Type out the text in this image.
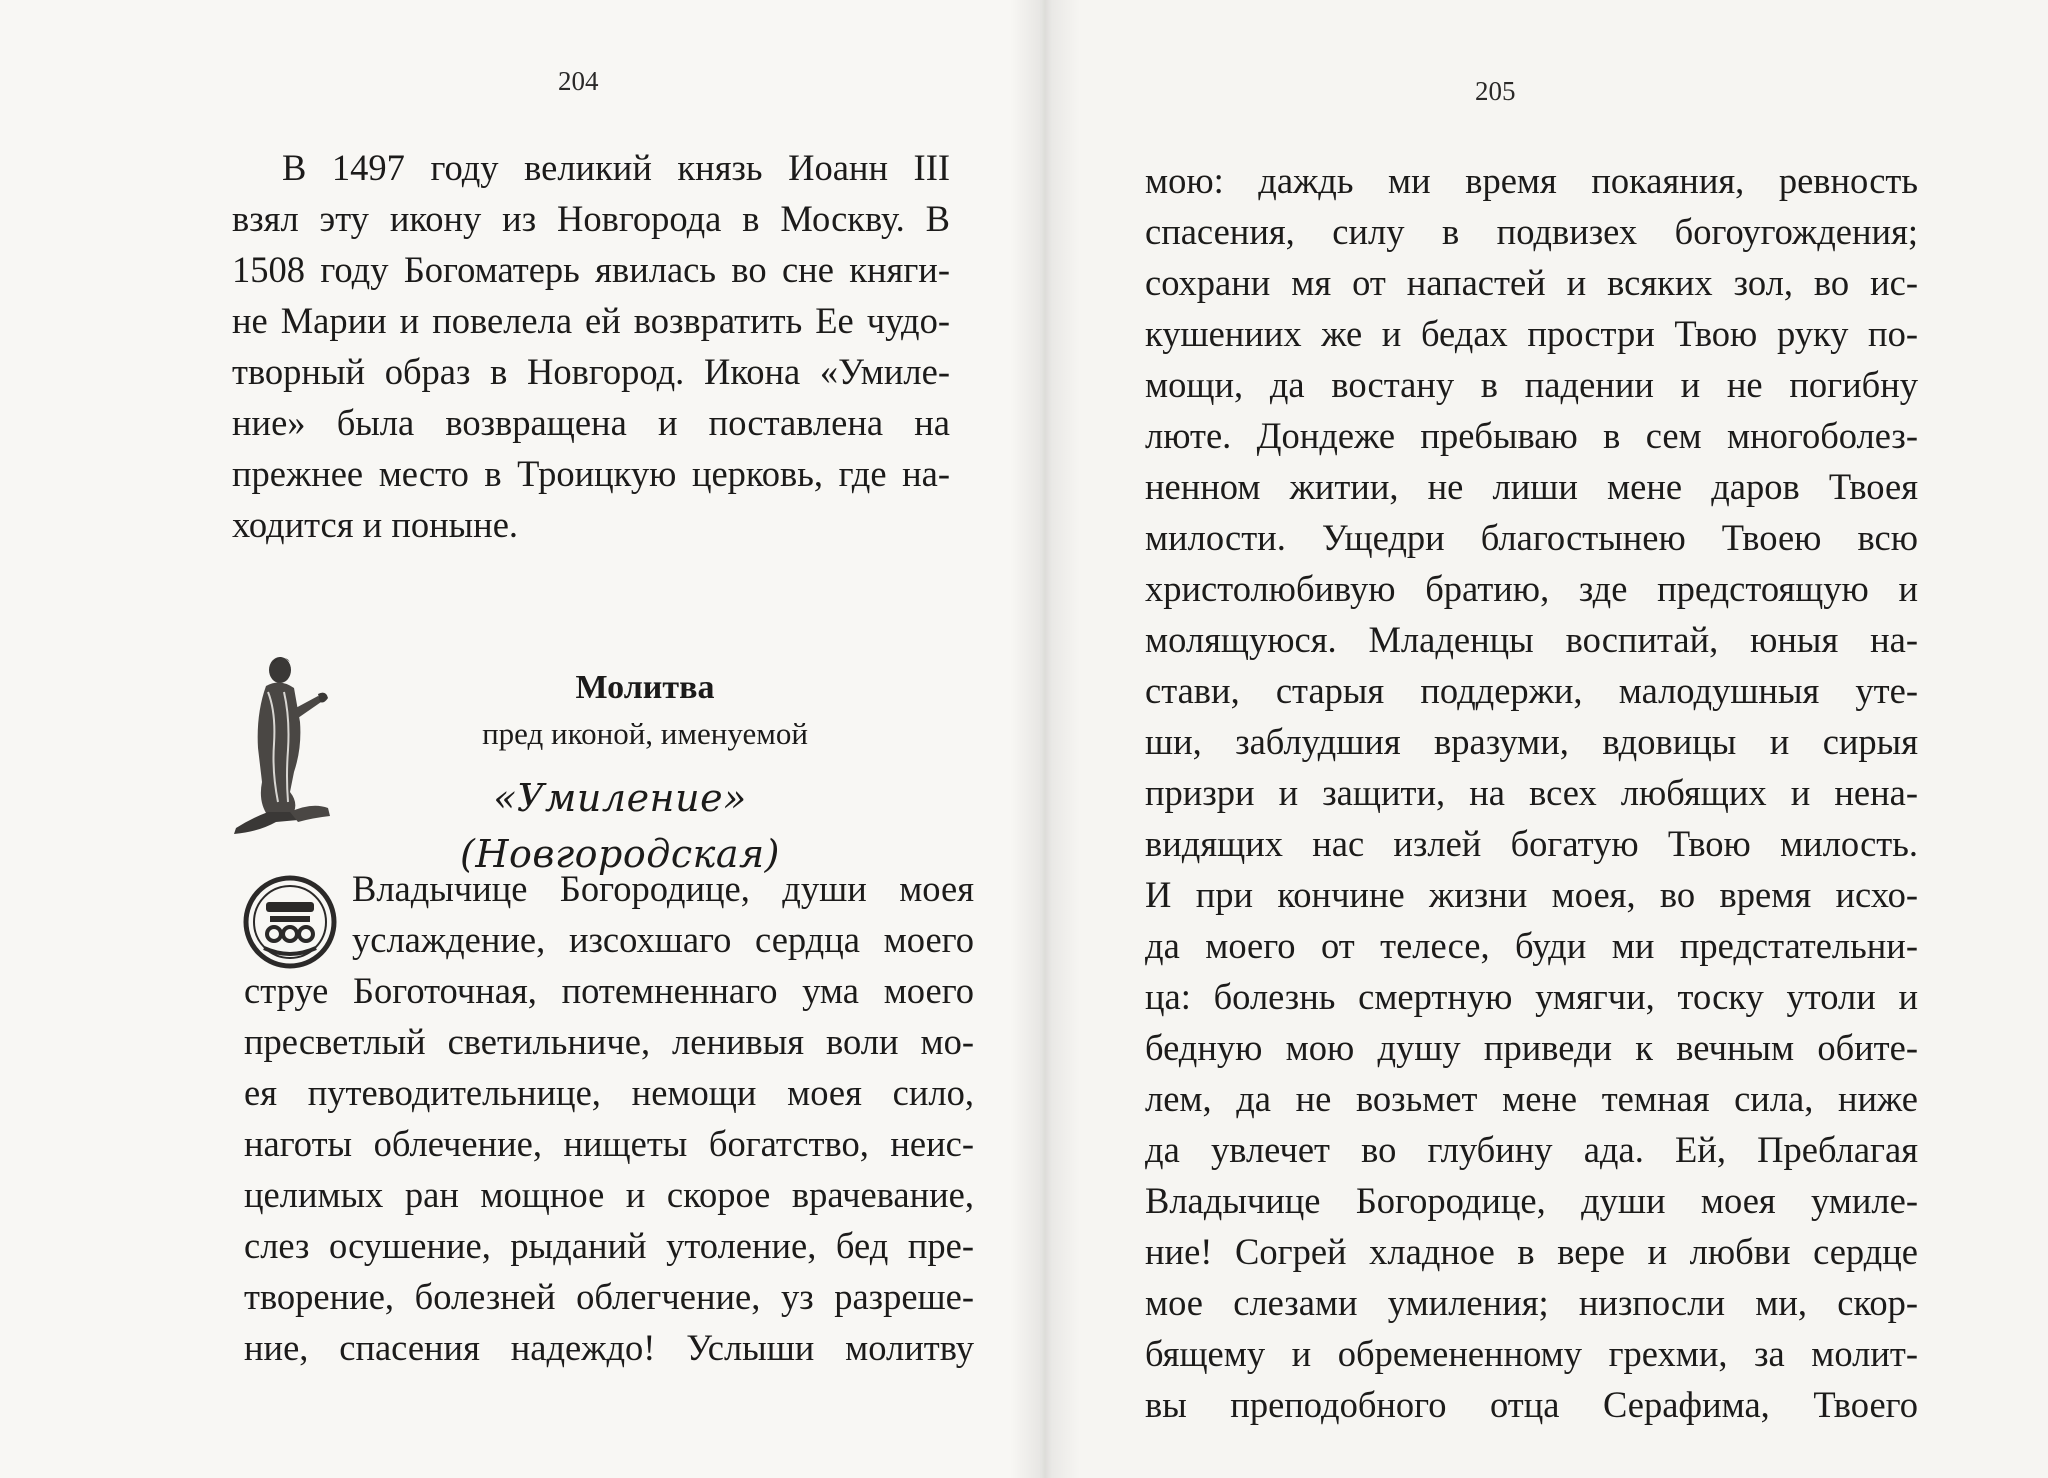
204
В 1497 году великий князь Иоанн III
взял эту икону из Новгорода в Москву. В
1508 году Богоматерь явилась во сне княги-
не Марии и повелела ей возвратить Ее чудо-
творный образ в Новгород. Икона «Умиле-
ние» была возвращена и поставлена на
прежнее место в Троицкую церковь, где на-
ходится и поныне.
Молитва
пред иконой, именуемой
«Умиление» (Новгородская)
Владычице Богородице, души моея
услаждение, изсохшаго сердца моего
струе Боготочная, потемненнаго ума моего
пресветлый светильниче, ленивыя воли мо-
ея путеводительнице, немощи моея сило,
наготы облечение, нищеты богатство, неис-
целимых ран мощное и скорое врачевание,
слез осушение, рыданий утоление, бед пре-
творение, болезней облегчение, уз разреше-
ние, спасения надеждо! Услыши молитву
205
мою: даждь ми время покаяния, ревность
спасения, силу в подвизех богоугождения;
сохрани мя от напастей и всяких зол, во ис-
кушениих же и бедах простри Твою руку по-
мощи, да востану в падении и не погибну
люте. Дондеже пребываю в сем многоболез-
ненном житии, не лиши мене даров Твоея
милости. Ущедри благостынею Твоею всю
христолюбивую братию, зде предстоящую и
молящуюся. Младенцы воспитай, юныя на-
стави, старыя поддержи, малодушныя уте-
ши, заблудшия вразуми, вдовицы и сирыя
призри и защити, на всех любящих и нена-
видящих нас излей богатую Твою милость.
И при кончине жизни моея, во время исхо-
да моего от телесе, буди ми предстательни-
ца: болезнь смертную умягчи, тоску утоли и
бедную мою душу приведи к вечным обите-
лем, да не возьмет мене темная сила, ниже
да увлечет во глубину ада. Ей, Преблагая
Владычице Богородице, души моея умиле-
ние! Согрей хладное в вере и любви сердце
мое слезами умиления; низпосли ми, скор-
бящему и обремененному грехми, за молит-
вы преподобного отца Серафима, Твоего
